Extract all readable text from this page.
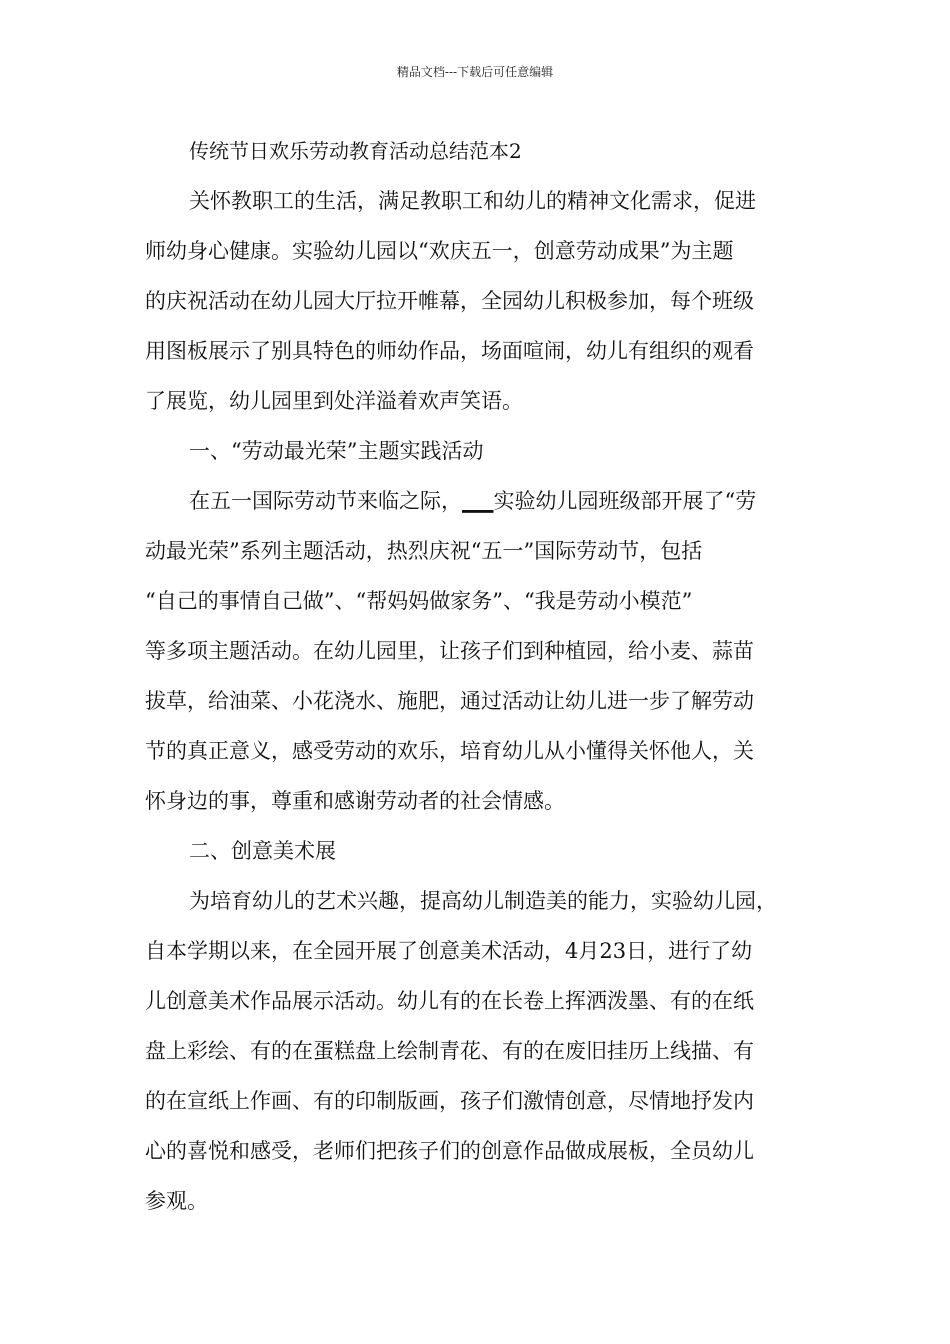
精品文档---下载后可任意编辑
传统节日欢乐劳动教育活动总结范本2
关怀教职工的生活，满足教职工和幼儿的精神文化需求，促进
师幼身心健康。实验幼儿园以“欢庆五一，创意劳动成果”为主题
的庆祝活动在幼儿园大厅拉开帷幕，全园幼儿积极参加，每个班级
用图板展示了别具特色的师幼作品，场面喧闹，幼儿有组织的观看
了展览，幼儿园里到处洋溢着欢声笑语。
一、“劳动最光荣”主题实践活动
在五一国际劳动节来临之际，___实验幼儿园班级部开展了“劳
动最光荣”系列主题活动，热烈庆祝“五一”国际劳动节，包括
“自己的事情自己做”、“帮妈妈做家务”、“我是劳动小模范”
等多项主题活动。在幼儿园里，让孩子们到种植园，给小麦、蒜苗
拔草，给油菜、小花浇水、施肥，通过活动让幼儿进一步了解劳动
节的真正意义，感受劳动的欢乐，培育幼儿从小懂得关怀他人，关
怀身边的事，尊重和感谢劳动者的社会情感。
二、创意美术展
为培育幼儿的艺术兴趣，提高幼儿制造美的能力，实验幼儿园，
自本学期以来，在全园开展了创意美术活动，4月23日，进行了幼
儿创意美术作品展示活动。幼儿有的在长卷上挥洒泼墨、有的在纸
盘上彩绘、有的在蛋糕盘上绘制青花、有的在废旧挂历上线描、有
的在宣纸上作画、有的印制版画，孩子们激情创意，尽情地抒发内
心的喜悦和感受，老师们把孩子们的创意作品做成展板，全员幼儿
参观。
